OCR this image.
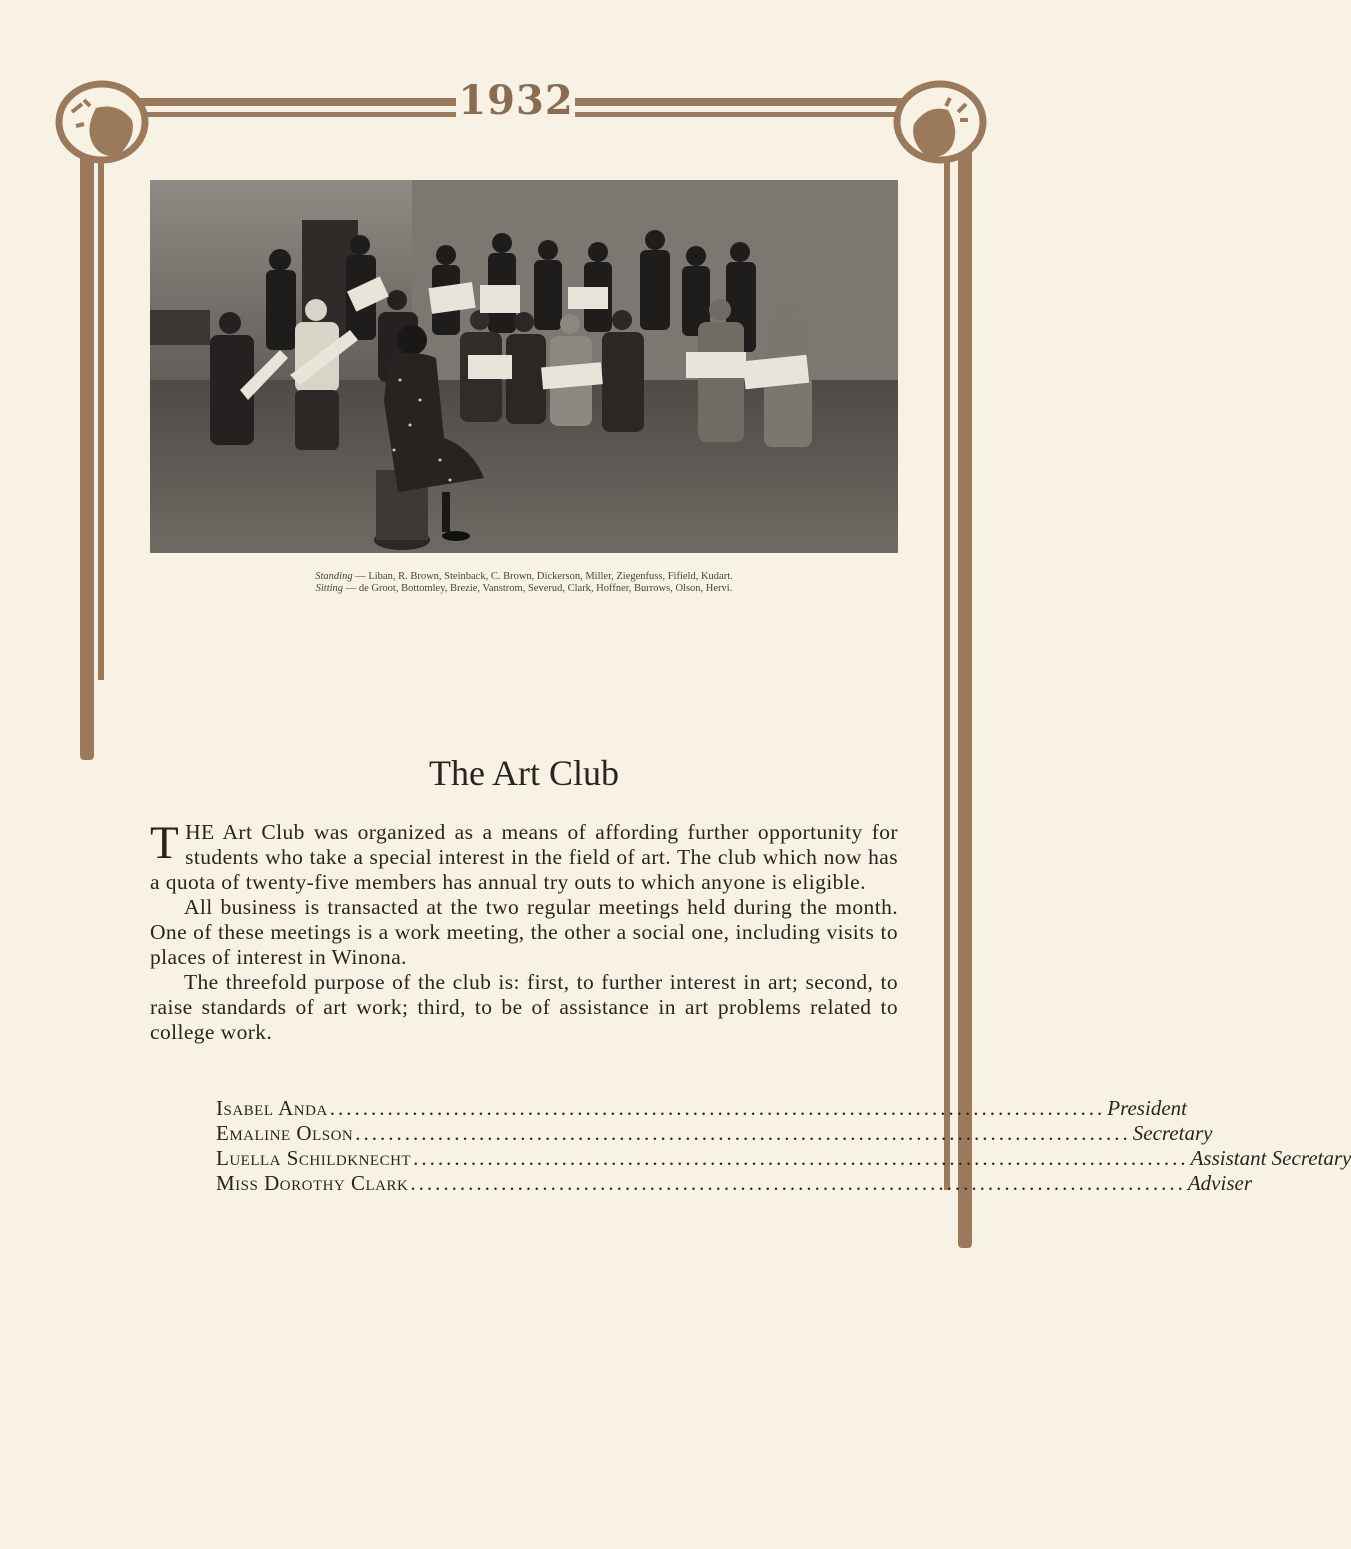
1932
Standing — Liban, R. Brown, Steinback, C. Brown, Dickerson, Miller, Ziegenfuss, Fifield, Kudart.
Sitting — de Groot, Bottomley, Brezie, Vanstrom, Severud, Clark, Hoffner, Burrows, Olson, Hervi.
The Art Club

THE Art Club was organized as a means of affording further opportunity for students who take a special interest in the field of art. The club which now has a quota of twenty-five members has annual try outs to which anyone is eligible.

All business is transacted at the two regular meetings held during the month. One of these meetings is a work meeting, the other a social one, including visits to places of interest in Winona.

The threefold purpose of the club is: first, to further interest in art; second, to raise standards of art work; third, to be of assistance in art problems related to college work.

Isabel Anda .............................................................................................. President
Emaline Olson .............................................................................................. Secretary
Luella Schildknecht .............................................................................................. Assistant Secretary
Miss Dorothy Clark .............................................................................................. Adviser
